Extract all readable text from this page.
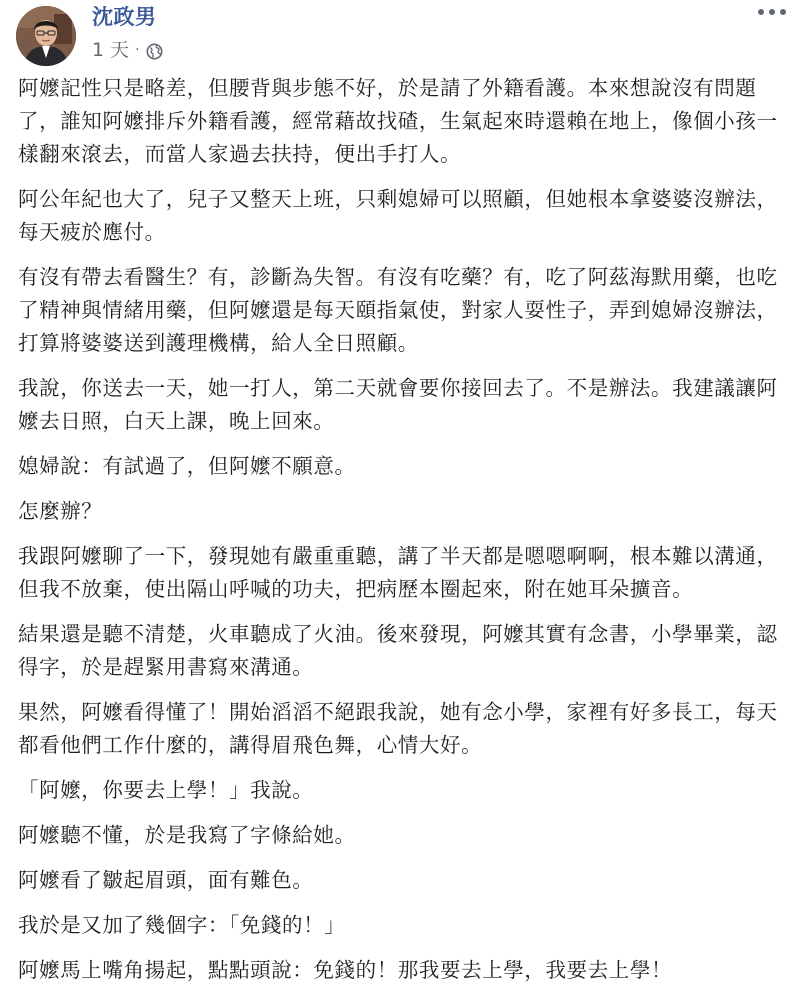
沈政男
1 天 ·

阿嬤記性只是略差，但腰背與步態不好，於是請了外籍看護。本來想說沒有問題了，誰知阿嬤排斥外籍看護，經常藉故找碴，生氣起來時還賴在地上，像個小孩一樣翻來滾去，而當人家過去扶持，便出手打人。

阿公年紀也大了，兒子又整天上班，只剩媳婦可以照顧，但她根本拿婆婆沒辦法，每天疲於應付。

有沒有帶去看醫生？有，診斷為失智。有沒有吃藥？有，吃了阿茲海默用藥，也吃了精神與情緒用藥，但阿嬤還是每天頤指氣使，對家人耍性子，弄到媳婦沒辦法，打算將婆婆送到護理機構，給人全日照顧。

我說，你送去一天，她一打人，第二天就會要你接回去了。不是辦法。我建議讓阿嬤去日照，白天上課，晚上回來。

媳婦說：有試過了，但阿嬤不願意。

怎麼辦？

我跟阿嬤聊了一下，發現她有嚴重重聽，講了半天都是嗯嗯啊啊，根本難以溝通，但我不放棄，使出隔山呼喊的功夫，把病歷本圈起來，附在她耳朵擴音。

結果還是聽不清楚，火車聽成了火油。後來發現，阿嬤其實有念書，小學畢業，認得字，於是趕緊用書寫來溝通。

果然，阿嬤看得懂了！開始滔滔不絕跟我說，她有念小學，家裡有好多長工，每天都看他們工作什麼的，講得眉飛色舞，心情大好。

「阿嬤，你要去上學！」我說。

阿嬤聽不懂，於是我寫了字條給她。

阿嬤看了皺起眉頭，面有難色。

我於是又加了幾個字：「免錢的！」

阿嬤馬上嘴角揚起，點點頭說：免錢的！那我要去上學，我要去上學！
